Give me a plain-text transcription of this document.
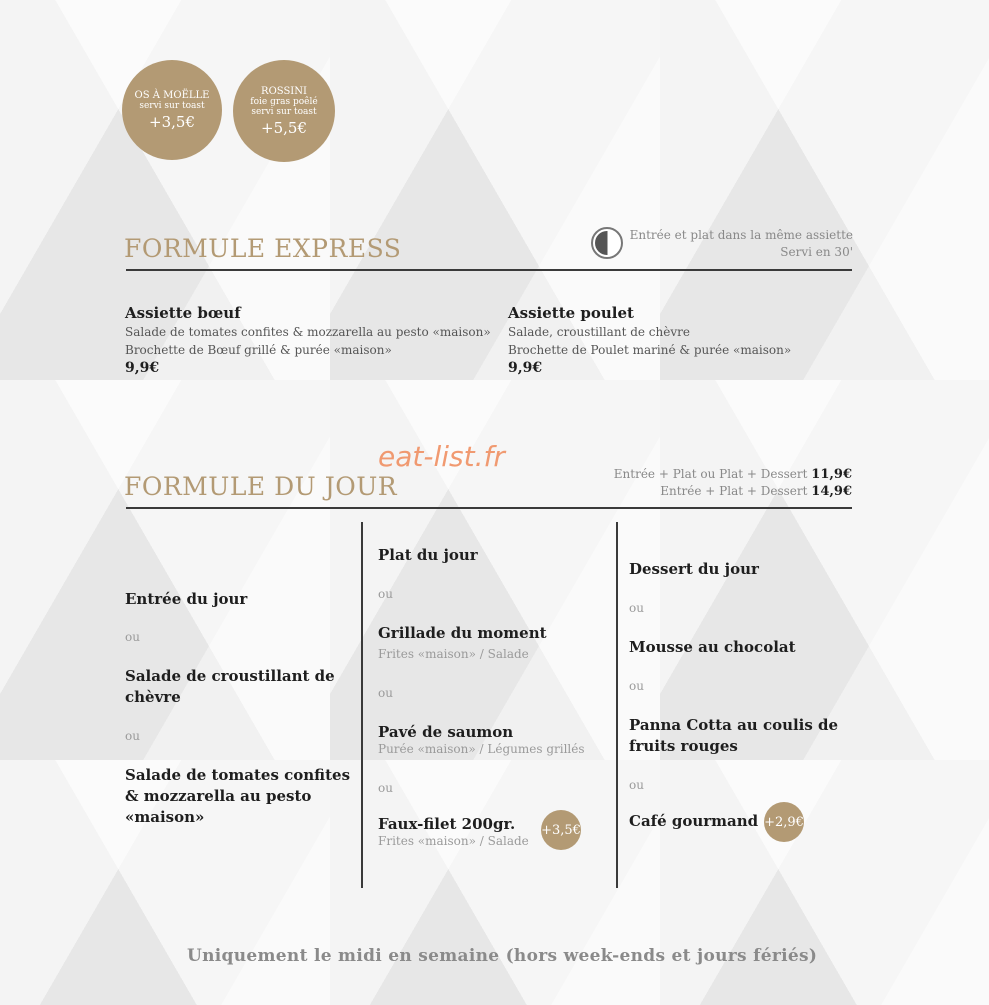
OS À MOËLLE
servi sur toast
+3,5€
ROSSINI
foie gras poêlé
servi sur toast
+5,5€
FORMULE EXPRESS	Entrée et plat dans la même assiette
Servi en 30'
Assiette bœuf
Salade de tomates confites & mozzarella au pesto «maison»
Brochette de Bœuf grillé & purée «maison»
9,9€
Assiette poulet
Salade, croustillant de chèvre
Brochette de Poulet mariné & purée «maison»
9,9€
eat-list.fr
FORMULE DU JOUR	Entrée + Plat ou Plat + Dessert 11,9€
Entrée + Plat + Dessert 14,9€
Entrée du jour
ou
Salade de croustillant de chèvre
ou
Salade de tomates confites & mozzarella au pesto «maison»
Plat du jour
ou
Grillade du moment
Frites «maison» / Salade
ou
Pavé de saumon
Purée «maison» / Légumes grillés
ou
Faux-filet 200gr.
Frites «maison» / Salade
+3,5€
Dessert du jour
ou
Mousse au chocolat
ou
Panna Cotta au coulis de fruits rouges
ou
Café gourmand +2,9€
Uniquement le midi en semaine (hors week-ends et jours fériés)
